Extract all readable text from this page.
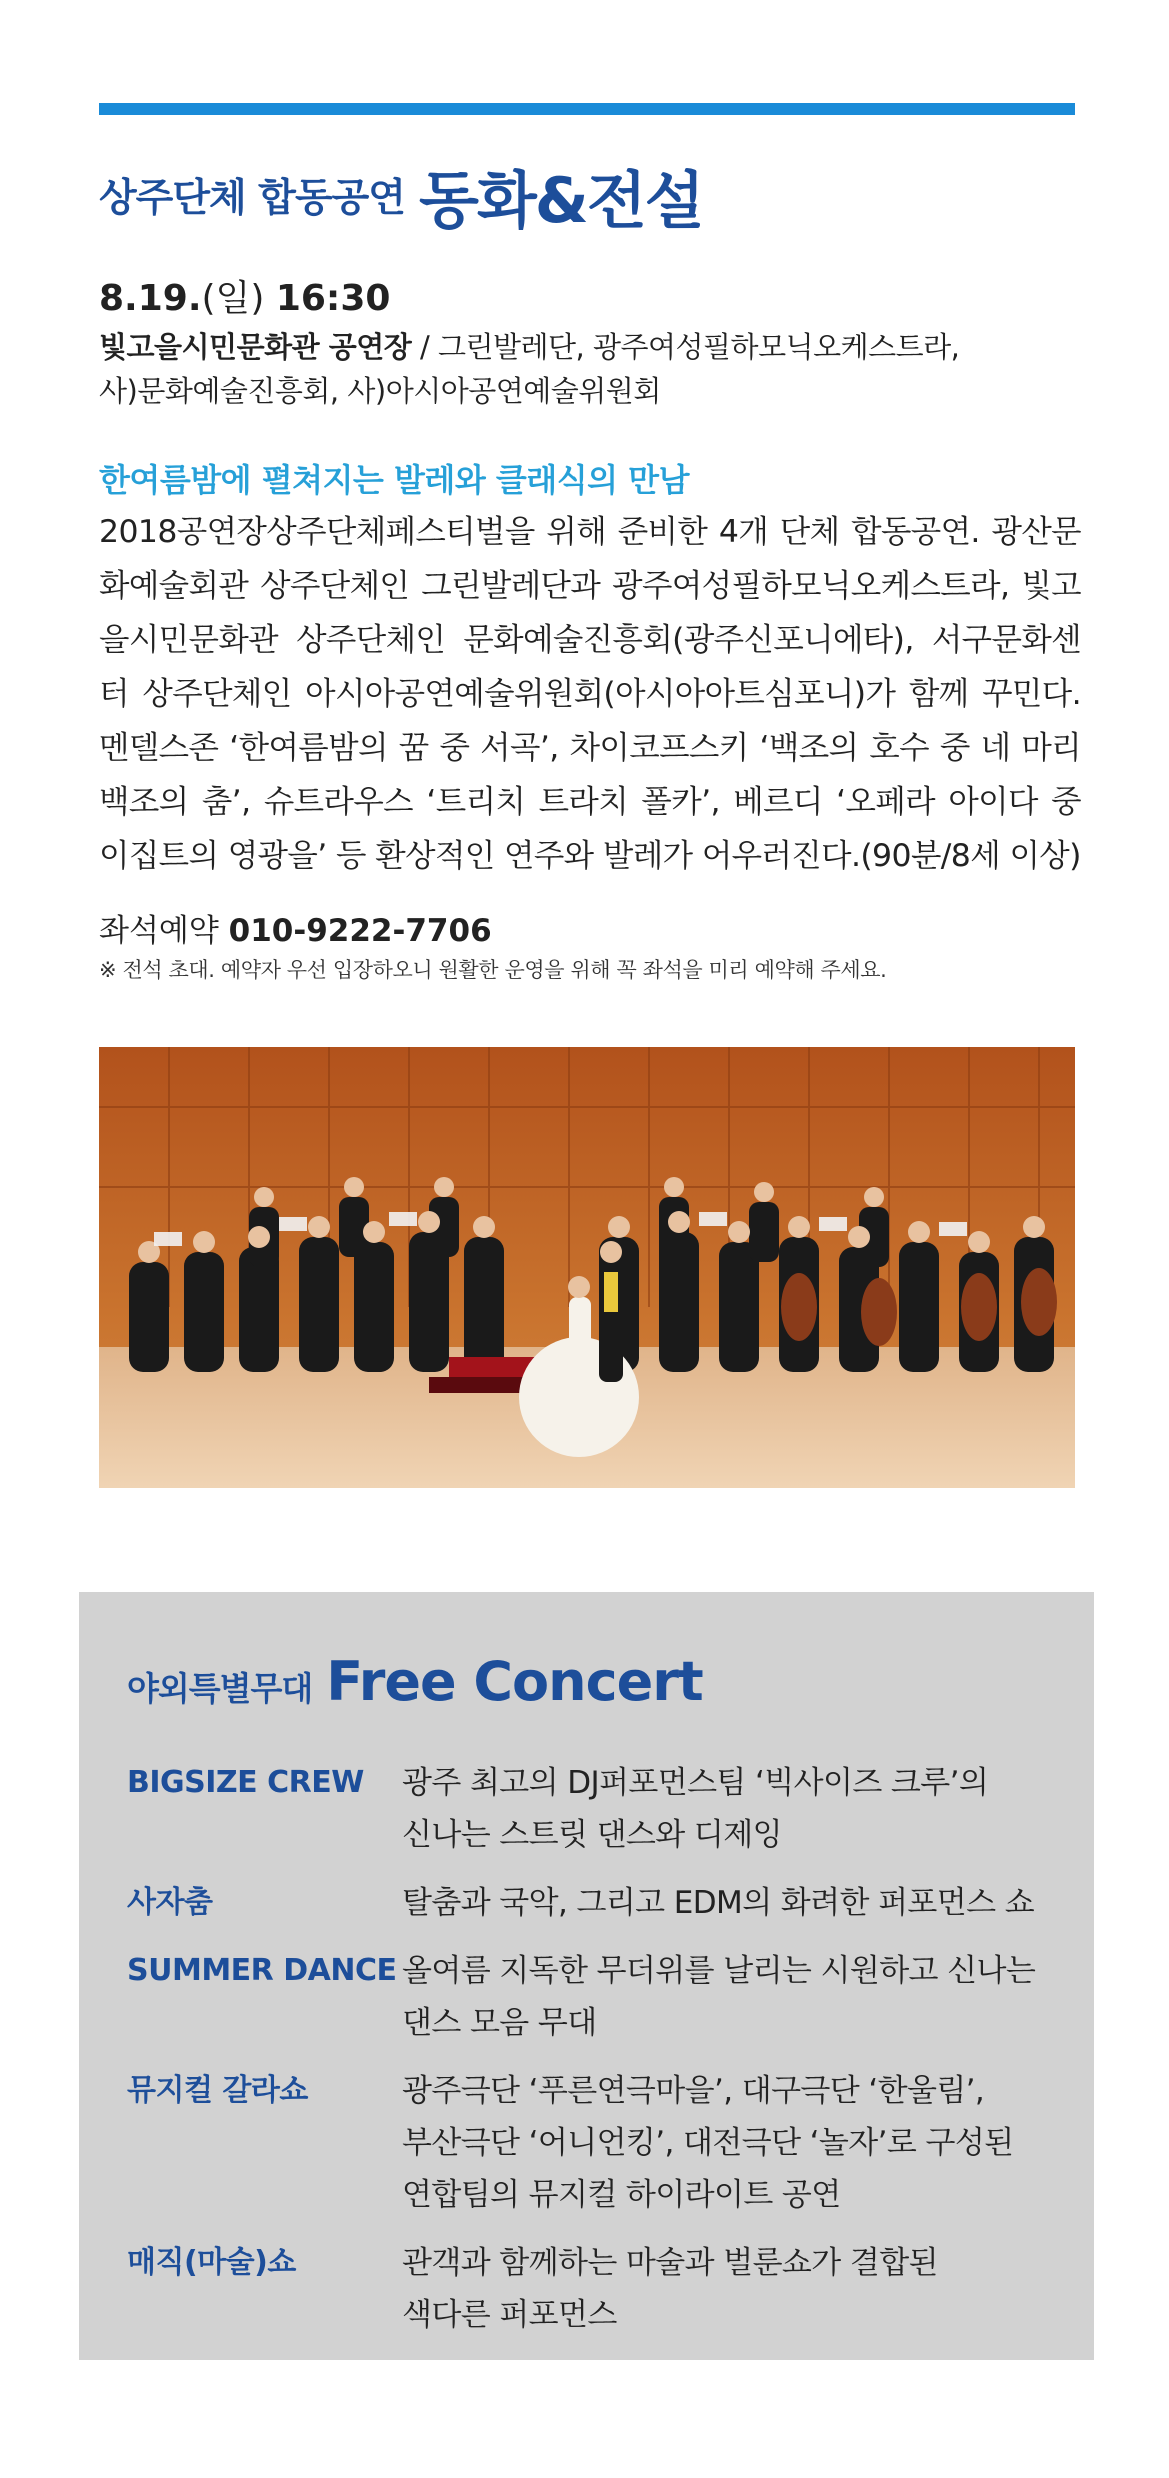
상주단체 합동공연 동화&전설
8.19.(일) 16:30
빛고을시민문화관 공연장 / 그린발레단, 광주여성필하모닉오케스트라,
사)문화예술진흥회, 사)아시아공연예술위원회
한여름밤에 펼쳐지는 발레와 클래식의 만남
2018공연장상주단체페스티벌을 위해 준비한 4개 단체 합동공연. 광산문화예술회관 상주단체인 그린발레단과 광주여성필하모닉오케스트라, 빛고을시민문화관 상주단체인 문화예술진흥회(광주신포니에타), 서구문화센터 상주단체인 아시아공연예술위원회(아시아아트심포니)가 함께 꾸민다. 멘델스존 ‘한여름밤의 꿈 중 서곡’, 차이코프스키 ‘백조의 호수 중 네 마리 백조의 춤’, 슈트라우스 ‘트리치 트라치 폴카’, 베르디 ‘오페라 아이다 중 이집트의 영광을’ 등 환상적인 연주와 발레가 어우러진다.(90분/8세 이상)
좌석예약 010-9222-7706
※ 전석 초대. 예약자 우선 입장하오니 원활한 운영을 위해 꼭 좌석을 미리 예약해 주세요.
야외특별무대 Free Concert
BIGSIZE CREW	광주 최고의 DJ퍼포먼스팀 ‘빅사이즈 크루’의
신나는 스트릿 댄스와 디제잉
사자춤	탈춤과 국악, 그리고 EDM의 화려한 퍼포먼스 쇼
SUMMER DANCE 올여름 지독한 무더위를 날리는 시원하고 신나는
댄스 모음 무대
뮤지컬 갈라쇼	광주극단 ‘푸른연극마을’, 대구극단 ‘한울림’,
부산극단 ‘어니언킹’, 대전극단 ‘놀자’로 구성된
연합팀의 뮤지컬 하이라이트 공연
매직(마술)쇼	관객과 함께하는 마술과 벌룬쇼가 결합된
색다른 퍼포먼스
